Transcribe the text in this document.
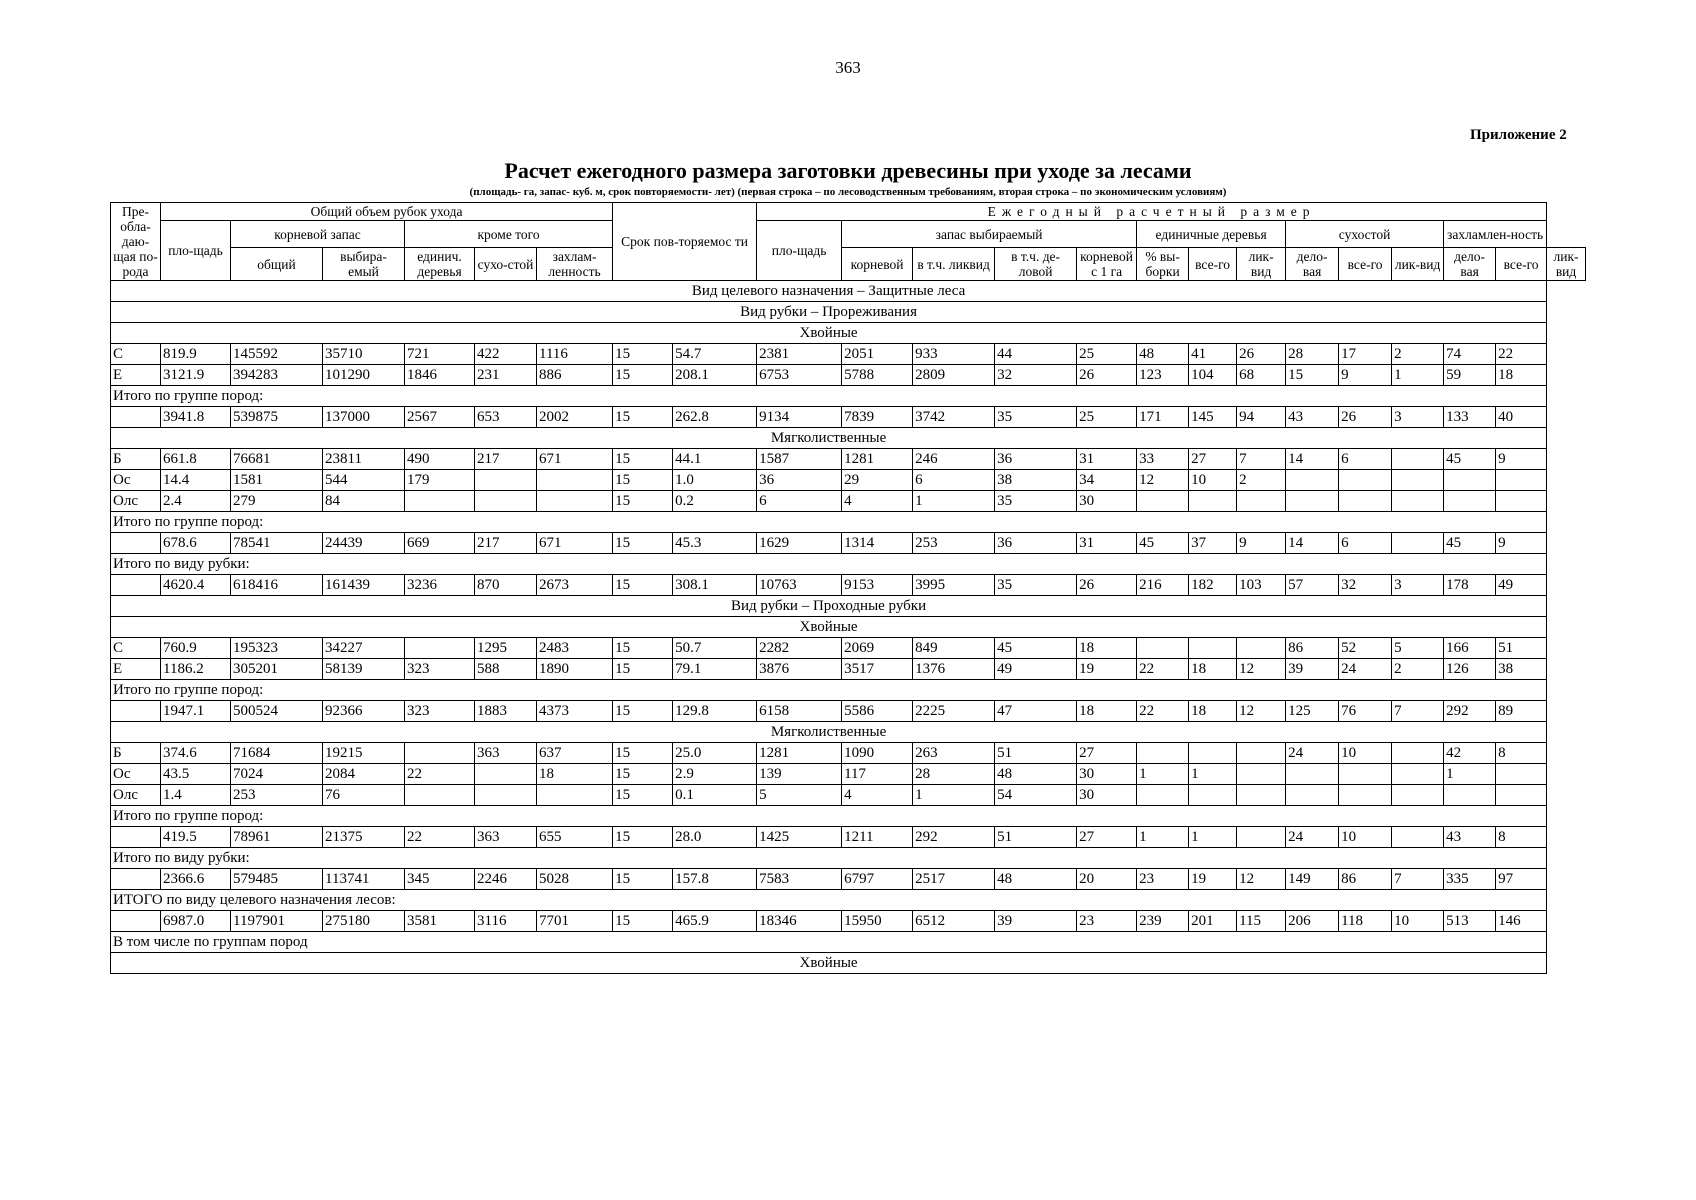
363
Приложение 2
Расчет ежегодного размера заготовки древесины при уходе за лесами
(площадь- га, запас- куб. м, срок повторяемости- лет) (первая строка – по лесоводственным требованиям, вторая строка – по экономическим условиям)
Пре-обла-дaю-щая по-рода	Общий объем рубок ухода						Срок пов-торяемос ти		Ежегодный расчетный размер													
	пло-щадь	корневой запас		кроме того					пло-щадь	запас выбираемый				единичные деревья			сухостой			захламлен-ность		
		общий	выбира-емый	единич. деревья	сухо-стой	захлам-ленность				корневой	в т.ч. ликвид	в т.ч. де-ловой	корневой с 1 га	% вы-борки	все-го	лик-вид	дело-вая	все-го	лик-вид	дело-вая	все-го	лик-вид
Вид целевого назначения – Защитные леса																						
Вид рубки – Прореживания																						
Хвойные																						
С	819.9	145592	35710	721	422	1116	15	54.7	2381	2051	933	44	25	48	41	26	28	17	2	74	22	
Е	3121.9	394283	101290	1846	231	886	15	208.1	6753	5788	2809	32	26	123	104	68	15	9	1	59	18	
Итого по группе пород:																						
	3941.8	539875	137000	2567	653	2002	15	262.8	9134	7839	3742	35	25	171	145	94	43	26	3	133	40	
Мягколиственные																						
Б	661.8	76681	23811	490	217	671	15	44.1	1587	1281	246	36	31	33	27	7	14	6		45	9	
Ос	14.4	1581	544	179			15	1.0	36	29	6	38	34	12	10	2						
Олс	2.4	279	84				15	0.2	6	4	1	35	30									
Итого по группе пород:																						
	678.6	78541	24439	669	217	671	15	45.3	1629	1314	253	36	31	45	37	9	14	6		45	9	
Итого по виду рубки:																						
	4620.4	618416	161439	3236	870	2673	15	308.1	10763	9153	3995	35	26	216	182	103	57	32	3	178	49	
Вид рубки – Проходные рубки																						
Хвойные																						
С	760.9	195323	34227		1295	2483	15	50.7	2282	2069	849	45	18				86	52	5	166	51	
Е	1186.2	305201	58139	323	588	1890	15	79.1	3876	3517	1376	49	19	22	18	12	39	24	2	126	38	
Итого по группе пород:																						
	1947.1	500524	92366	323	1883	4373	15	129.8	6158	5586	2225	47	18	22	18	12	125	76	7	292	89	
Мягколиственные																						
Б	374.6	71684	19215		363	637	15	25.0	1281	1090	263	51	27				24	10		42	8	
Ос	43.5	7024	2084	22		18	15	2.9	139	117	28	48	30	1	1					1		
Олс	1.4	253	76				15	0.1	5	4	1	54	30									
Итого по группе пород:																						
	419.5	78961	21375	22	363	655	15	28.0	1425	1211	292	51	27	1	1		24	10		43	8	
Итого по виду рубки:																						
	2366.6	579485	113741	345	2246	5028	15	157.8	7583	6797	2517	48	20	23	19	12	149	86	7	335	97	
ИТОГО по виду целевого назначения лесов:																						
	6987.0	1197901	275180	3581	3116	7701	15	465.9	18346	15950	6512	39	23	239	201	115	206	118	10	513	146	
В том числе по группам пород																						
Хвойные																						
